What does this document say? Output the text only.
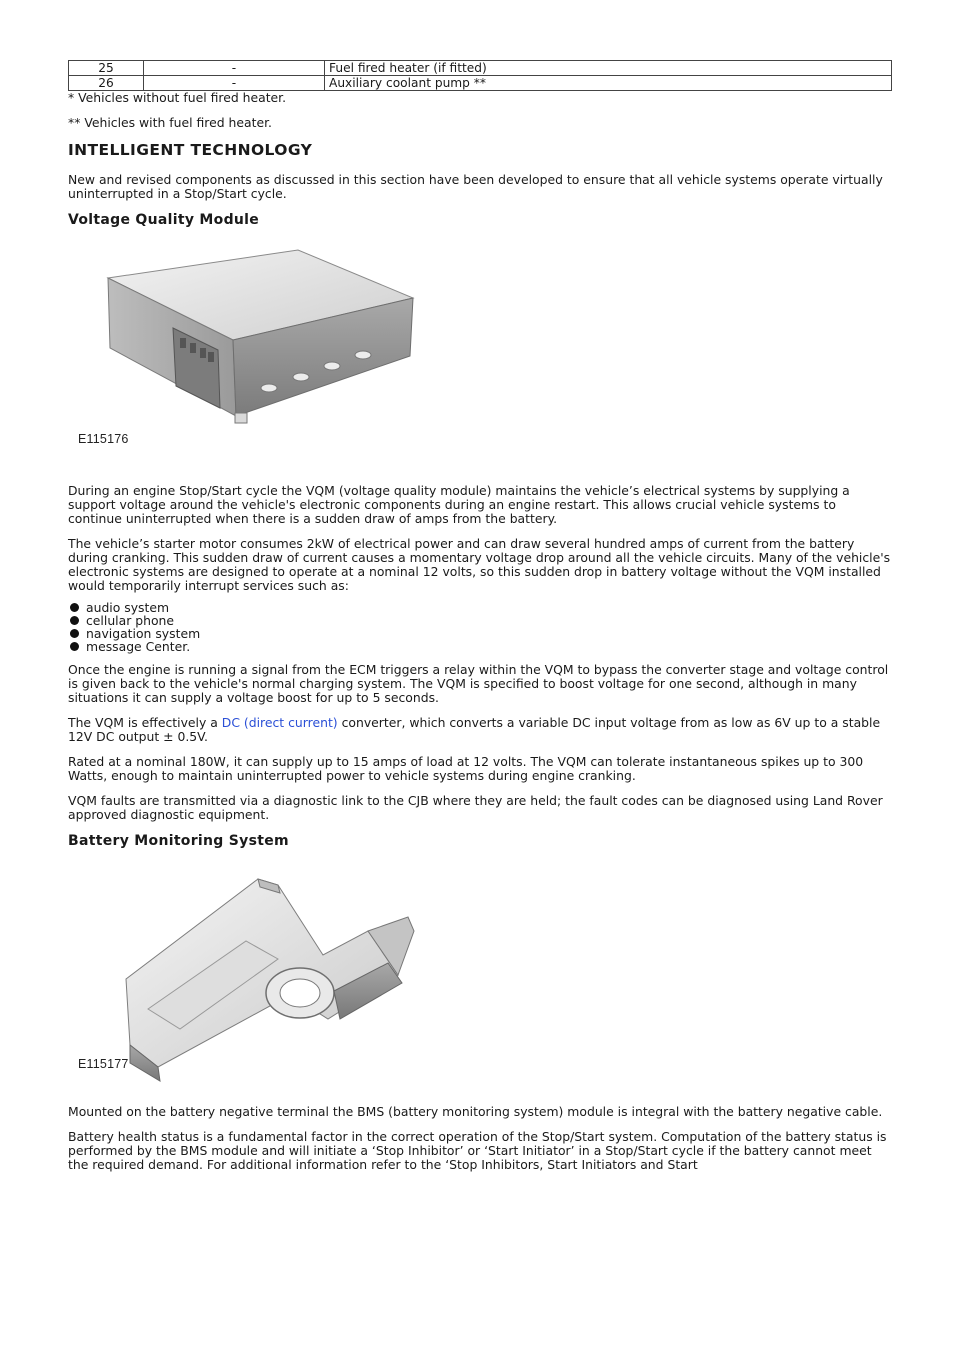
25	-	Fuel fired heater (if fitted)
26	-	Auxiliary coolant pump **
* Vehicles without fuel fired heater.
** Vehicles with fuel fired heater.
INTELLIGENT TECHNOLOGY

New and revised components as discussed in this section have been developed to ensure that all vehicle systems operate virtually uninterrupted in a Stop/Start cycle.

Voltage Quality Module
E115176

During an engine Stop/Start cycle the VQM (voltage quality module) maintains the vehicle’s electrical systems by supplying a support voltage around the vehicle's electronic components during an engine restart. This allows crucial vehicle systems to continue uninterrupted when there is a sudden draw of amps from the battery.

The vehicle’s starter motor consumes 2kW of electrical power and can draw several hundred amps of current from the battery during cranking. This sudden draw of current causes a momentary voltage drop around all the vehicle circuits. Many of the vehicle's electronic systems are designed to operate at a nominal 12 volts, so this sudden drop in battery voltage without the VQM installed would temporarily interrupt services such as:

audio system
cellular phone
navigation system
message Center.

Once the engine is running a signal from the ECM triggers a relay within the VQM to bypass the converter stage and voltage control is given back to the vehicle's normal charging system. The VQM is specified to boost voltage for one second, although in many situations it can supply a voltage boost for up to 5 seconds.

The VQM is effectively a DC (direct current) converter, which converts a variable DC input voltage from as low as 6V up to a stable 12V DC output ± 0.5V.

Rated at a nominal 180W, it can supply up to 15 amps of load at 12 volts. The VQM can tolerate instantaneous spikes up to 300 Watts, enough to maintain uninterrupted power to vehicle systems during engine cranking.

VQM faults are transmitted via a diagnostic link to the CJB where they are held; the fault codes can be diagnosed using Land Rover approved diagnostic equipment.

Battery Monitoring System
E115177

Mounted on the battery negative terminal the BMS (battery monitoring system) module is integral with the battery negative cable.

Battery health status is a fundamental factor in the correct operation of the Stop/Start system. Computation of the battery status is performed by the BMS module and will initiate a ‘Stop Inhibitor’ or ‘Start Initiator’ in a Stop/Start cycle if the battery cannot meet the required demand. For additional information refer to the ‘Stop Inhibitors, Start Initiators and Start
